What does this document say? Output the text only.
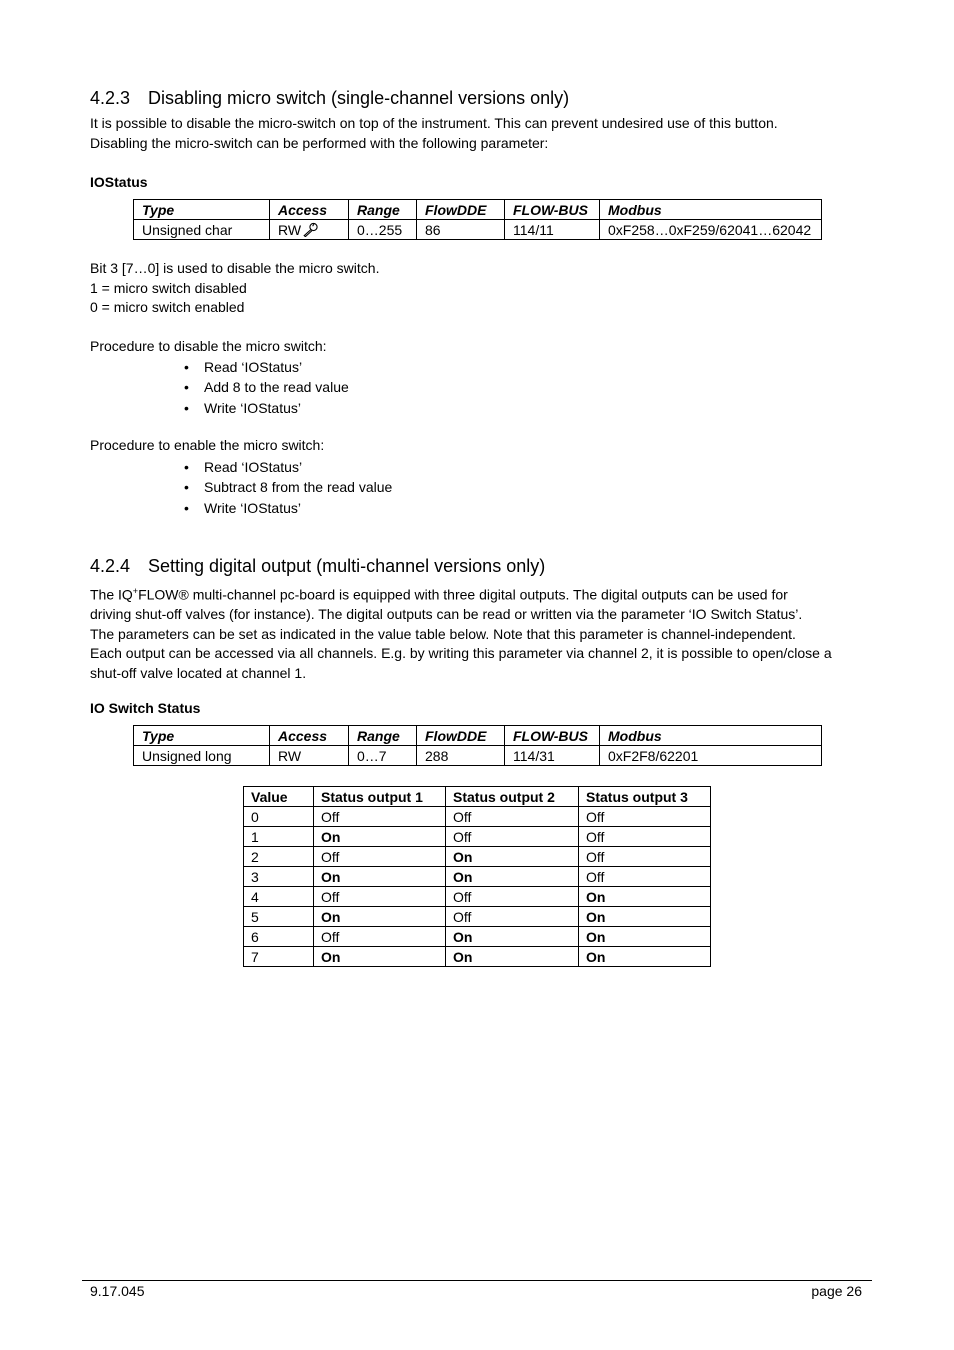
4.2.3 Disabling micro switch (single-channel versions only)
It is possible to disable the micro-switch on top of the instrument. This can prevent undesired use of this button.
Disabling the micro-switch can be performed with the following parameter:
IOStatus
Type	Access	Range	FlowDDE	FLOW-BUS	Modbus
Unsigned char	RW	0…255	86	114/11	0xF258…0xF259/62041…62042
Bit 3 [7…0] is used to disable the micro switch.
1 = micro switch disabled
0 = micro switch enabled
Procedure to disable the micro switch:
• Read ‘IOStatus’
• Add 8 to the read value
• Write ‘IOStatus’
Procedure to enable the micro switch:
• Read ‘IOStatus’
• Subtract 8 from the read value
• Write ‘IOStatus’
4.2.4 Setting digital output (multi-channel versions only)
The IQ+FLOW® multi-channel pc-board is equipped with three digital outputs. The digital outputs can be used for
driving shut-off valves (for instance). The digital outputs can be read or written via the parameter ‘IO Switch Status’.
The parameters can be set as indicated in the value table below. Note that this parameter is channel-independent.
Each output can be accessed via all channels. E.g. by writing this parameter via channel 2, it is possible to open/close a
shut-off valve located at channel 1.
IO Switch Status
Type	Access	Range	FlowDDE	FLOW-BUS	Modbus
Unsigned long	RW	0…7	288	114/31	0xF2F8/62201
Value	Status output 1	Status output 2	Status output 3
0	Off	Off	Off
1	On	Off	Off
2	Off	On	Off
3	On	On	Off
4	Off	Off	On
5	On	Off	On
6	Off	On	On
7	On	On	On
9.17.045	page 26
